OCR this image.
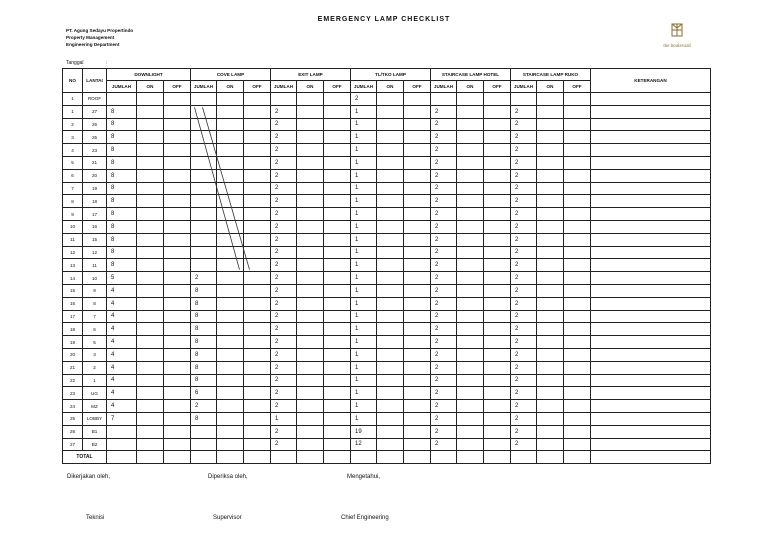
EMERGENCY LAMP CHECKLIST
PT. Agung Sedayu Propertindo
Property Management
Engineering Department	the boulevard
Tanggal	:
NO	LANTAI	DOWNLIGHT			COVE LAMP			EXIT LAMP			TL/TKO LAMP			STAIRCASE LAMP HOTEL			STAIRCASE LAMP RUKO			KETERANGAN
		JUMLAH	ON	OFF	JUMLAH	ON	OFF	JUMLAH	ON	OFF	JUMLAH	ON	OFF	JUMLAH	ON	OFF	JUMLAH	ON	OFF	
1	ROOF										2									
1	27	8						2			1			2			2			
2	26	8						2			1			2			2			
3	25	8						2			1			2			2			
4	23	8						2			1			2			2			
5	21	8						2			1			2			2			
6	20	8						2			1			2			2			
7	19	8						2			1			2			2			
8	18	8						2			1			2			2			
9	17	8						2			1			2			2			
10	16	8						2			1			2			2			
11	15	8						2			1			2			2			
12	12	8						2			1			2			2			
13	11	8						2			1			2			2			
14	10	5			2			2			1			2			2			
15	9	4			8			2			1			2			2			
16	8	4			8			2			1			2			2			
17	7	4			8			2			1			2			2			
18	6	4			8			2			1			2			2			
19	5	4			8			2			1			2			2			
20	3	4			8			2			1			2			2			
21	2	4			8			2			1			2			2			
22	1	4			8			2			1			2			2			
23	UG	4			6			2			1			2			2			
24	MZ	4			2			2			1			2			2			
25	LOBBY	7			8			1			1			2			2			
26	B1							2			19			2			2			
27	B2							2			12			2			2			
TOTAL																				
Dikerjakan oleh,	Diperiksa oleh,	Mengetahui,
Teknisi	Supervisor	Chief Engineering
